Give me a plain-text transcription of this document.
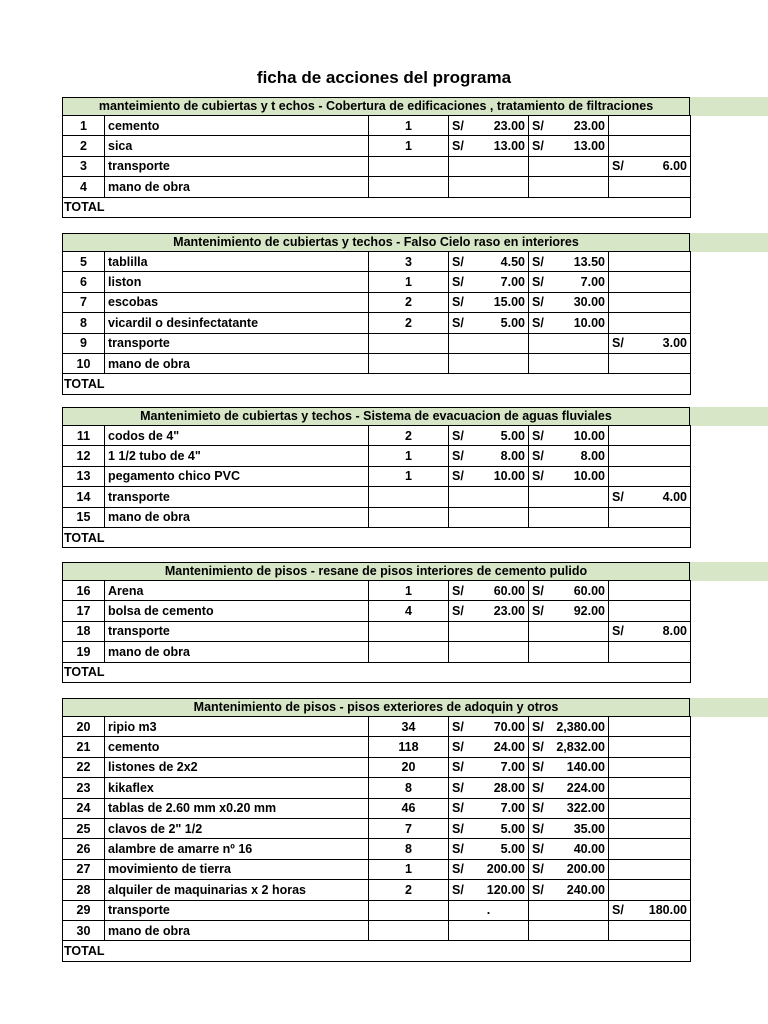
ficha de acciones del programa
manteimiento de cubiertas y t echos - Cobertura de edificaciones , tratamiento de filtraciones
1	cemento	1	S/ 23.00	S/ 23.00	

2	sica	1	S/ 13.00	S/ 13.00	

3	transporte				S/ 6.00

4	mano de obra				
TOTAL					
Mantenimiento de cubiertas y techos - Falso Cielo raso en interiores
5	tablilla	3	S/ 4.50	S/ 13.50	

6	liston	1	S/ 7.00	S/ 7.00	

7	escobas	2	S/ 15.00	S/ 30.00	

8	vicardil o desinfectatante	2	S/ 5.00	S/ 10.00	

9	transporte				S/ 3.00

10	mano de obra				
TOTAL					
Mantenimieto de cubiertas y techos - Sistema de evacuacion de aguas fluviales
11	codos de 4"	2	S/ 5.00	S/ 10.00	

12	1 1/2 tubo de 4"	1	S/ 8.00	S/ 8.00	

13	pegamento chico PVC	1	S/ 10.00	S/ 10.00	

14	transporte				S/ 4.00

15	mano de obra				
TOTAL					
Mantenimiento de pisos - resane de pisos interiores de cemento pulido
16	Arena	1	S/ 60.00	S/ 60.00	

17	bolsa de cemento	4	S/ 23.00	S/ 92.00	

18	transporte				S/ 8.00

19	mano de obra				
TOTAL					
Mantenimiento de pisos - pisos exteriores de adoquin y otros
20	ripio m3	34	S/ 70.00	S/ 2,380.00	

21	cemento	118	S/ 24.00	S/ 2,832.00	

22	listones de 2x2	20	S/ 7.00	S/ 140.00	

23	kikaflex	8	S/ 28.00	S/ 224.00	

24	tablas de 2.60 mm x0.20 mm	46	S/ 7.00	S/ 322.00	

25	clavos de 2" 1/2	7	S/ 5.00	S/ 35.00	

26	alambre de amarre nº 16	8	S/ 5.00	S/ 40.00	

27	movimiento de tierra	1	S/ 200.00	S/ 200.00	

28	alquiler de maquinarias x 2 horas	2	S/ 120.00	S/ 240.00	

29	transporte		.		S/ 180.00

30	mano de obra				
TOTAL					
